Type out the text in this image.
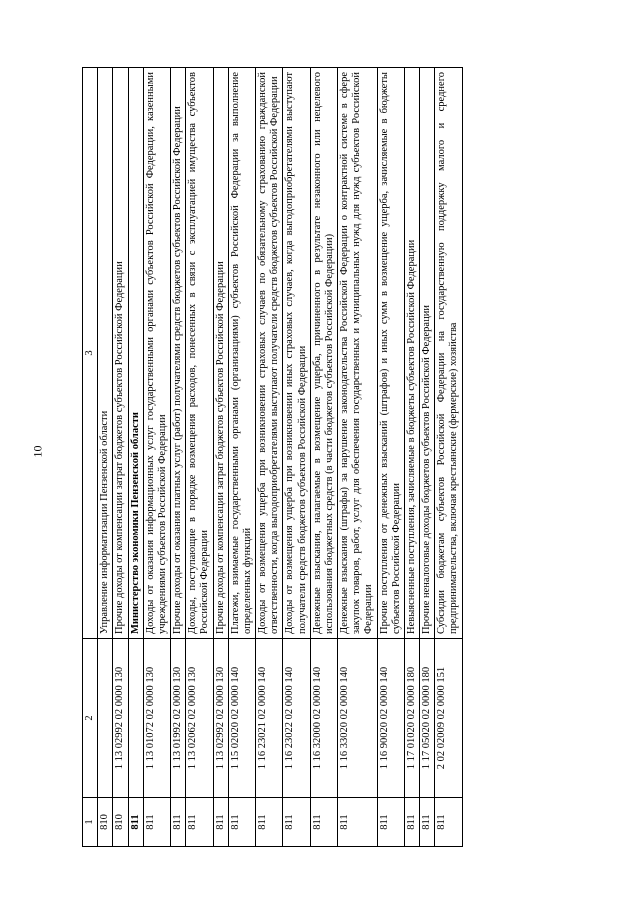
10
1	2	3
810		Управление информатизации Пензенской области
810	1 13 02992 02 0000 130	Прочие доходы от компенсации затрат бюджетов субъектов Российской Федерации
811		Министерство экономики Пензенской области
811	1 13 01072 02 0000 130	Доходы от оказания информационных услуг государственными органами субъектов Российской Федерации, казенными учреждениями субъектов Российской Федерации
811	1 13 01992 02 0000 130	Прочие доходы от оказания платных услуг (работ) получателями средств бюджетов субъектов Российской Федерации
811	1 13 02062 02 0000 130	Доходы, поступающие в порядке возмещения расходов, понесенных в связи с эксплуатацией имущества субъектов Российской Федерации
811	1 13 02992 02 0000 130	Прочие доходы от компенсации затрат бюджетов субъектов Российской Федерации
811	1 15 02020 02 0000 140	Платежи, взимаемые государственными органами (организациями) субъектов Российской Федерации за выполнение определенных функций
811	1 16 23021 02 0000 140	Доходы от возмещения ущерба при возникновении страховых случаев по обязательному страхованию гражданской ответственности, когда выгодоприобретателями выступают получатели средств бюджетов субъектов Российской Федерации
811	1 16 23022 02 0000 140	Доходы от возмещения ущерба при возникновении иных страховых случаев, когда выгодоприобретателями выступают получатели средств бюджетов субъектов Российской Федерации
811	1 16 32000 02 0000 140	Денежные взыскания, налагаемые в возмещение ущерба, причиненного в результате незаконного или нецелевого использования бюджетных средств (в части бюджетов субъектов Российской Федерации)
811	1 16 33020 02 0000 140	Денежные взыскания (штрафы) за нарушение законодательства Российской Федерации о контрактной системе в сфере закупок товаров, работ, услуг для обеспечения государственных и муниципальных нужд для нужд субъектов Российской Федерации
811	1 16 90020 02 0000 140	Прочие поступления от денежных взысканий (штрафов) и иных сумм в возмещение ущерба, зачисляемые в бюджеты субъектов Российской Федерации
811	1 17 01020 02 0000 180	Невыясненные поступления, зачисляемые в бюджеты субъектов Российской Федерации
811	1 17 05020 02 0000 180	Прочие неналоговые доходы бюджетов субъектов Российской Федерации
811	2 02 02009 02 0000 151	Субсидии бюджетам субъектов Российской Федерации на государственную поддержку малого и среднего предпринимательства, включая крестьянские (фермерские) хозяйства
